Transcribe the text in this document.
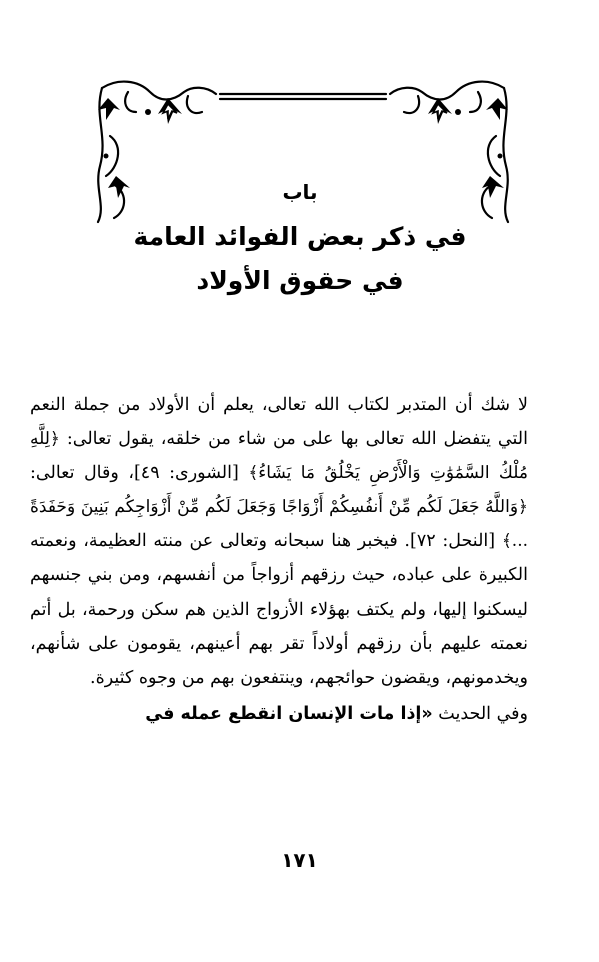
باب
في ذكر بعض الفوائد العامة
في حقوق الأولاد

لا شك أن المتدبر لكتاب الله تعالى، يعلم أن الأولاد من جملة النعم التي يتفضل الله تعالى بها على من شاء من خلقه، يقول تعالى: ﴿لِلَّهِ مُلْكُ السَّمَٰوَٰتِ وَالْأَرْضِ يَخْلُقُ مَا يَشَاءُ﴾ [الشورى: ٤٩]، وقال تعالى: ﴿وَاللَّهُ جَعَلَ لَكُم مِّنْ أَنفُسِكُمْ أَزْوَاجًا وَجَعَلَ لَكُم مِّنْ أَزْوَاجِكُم بَنِينَ وَحَفَدَةً ...﴾ [النحل: ٧٢]. فيخبر هنا سبحانه وتعالى عن منته العظيمة، ونعمته الكبيرة على عباده، حيث رزقهم أزواجاً من أنفسهم، ومن بني جنسهم ليسكنوا إليها، ولم يكتف بهؤلاء الأزواج الذين هم سكن ورحمة، بل أتم نعمته عليهم بأن رزقهم أولاداً تقر بهم أعينهم، يقومون على شأنهم، ويخدمونهم، ويقضون حوائجهم، وينتفعون بهم من وجوه كثيرة.

وفي الحديث «إذا مات الإنسان انقطع عمله في

١٧١
